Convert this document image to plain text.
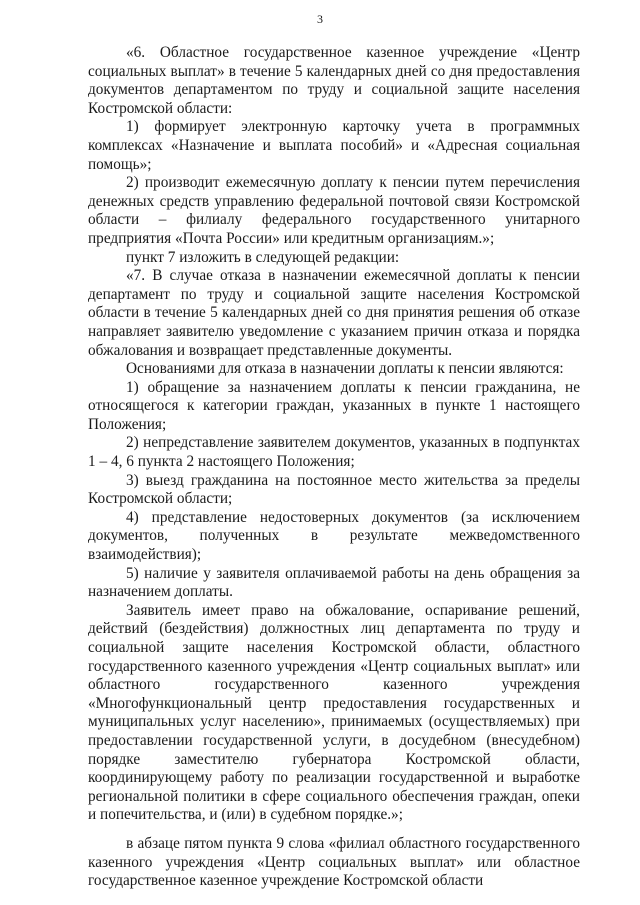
3

«6. Областное государственное казенное учреждение «Центр социальных выплат» в течение 5 календарных дней со дня предоставления документов департаментом по труду и социальной защите населения Костромской области:

1) формирует электронную карточку учета в программных комплексах «Назначение и выплата пособий» и «Адресная социальная помощь»;

2) производит ежемесячную доплату к пенсии путем перечисления денежных средств управлению федеральной почтовой связи Костромской области – филиалу федерального государственного унитарного предприятия «Почта России» или кредитным организациям.»;

пункт 7 изложить в следующей редакции:

«7. В случае отказа в назначении ежемесячной доплаты к пенсии департамент по труду и социальной защите населения Костромской области в течение 5 календарных дней со дня принятия решения об отказе направляет заявителю уведомление с указанием причин отказа и порядка обжалования и возвращает представленные документы.

Основаниями для отказа в назначении доплаты к пенсии являются:

1) обращение за назначением доплаты к пенсии гражданина, не относящегося к категории граждан, указанных в пункте 1 настоящего Положения;

2) непредставление заявителем документов, указанных в подпунктах 1 – 4, 6 пункта 2 настоящего Положения;

3) выезд гражданина на постоянное место жительства за пределы Костромской области;

4) представление недостоверных документов (за исключением документов, полученных в результате межведомственного взаимодействия);

5) наличие у заявителя оплачиваемой работы на день обращения за назначением доплаты.

Заявитель имеет право на обжалование, оспаривание решений, действий (бездействия) должностных лиц департамента по труду и социальной защите населения Костромской области, областного государственного казенного учреждения «Центр социальных выплат» или областного государственного казенного учреждения «Многофункциональный центр предоставления государственных и муниципальных услуг населению», принимаемых (осуществляемых) при предоставлении государственной услуги, в досудебном (внесудебном) порядке заместителю губернатора Костромской области, координирующему работу по реализации государственной и выработке региональной политики в сфере социального обеспечения граждан, опеки и попечительства, и (или) в судебном порядке.»;

в абзаце пятом пункта 9 слова «филиал областного государственного казенного учреждения «Центр социальных выплат» или областное государственное казенное учреждение Костромской области
